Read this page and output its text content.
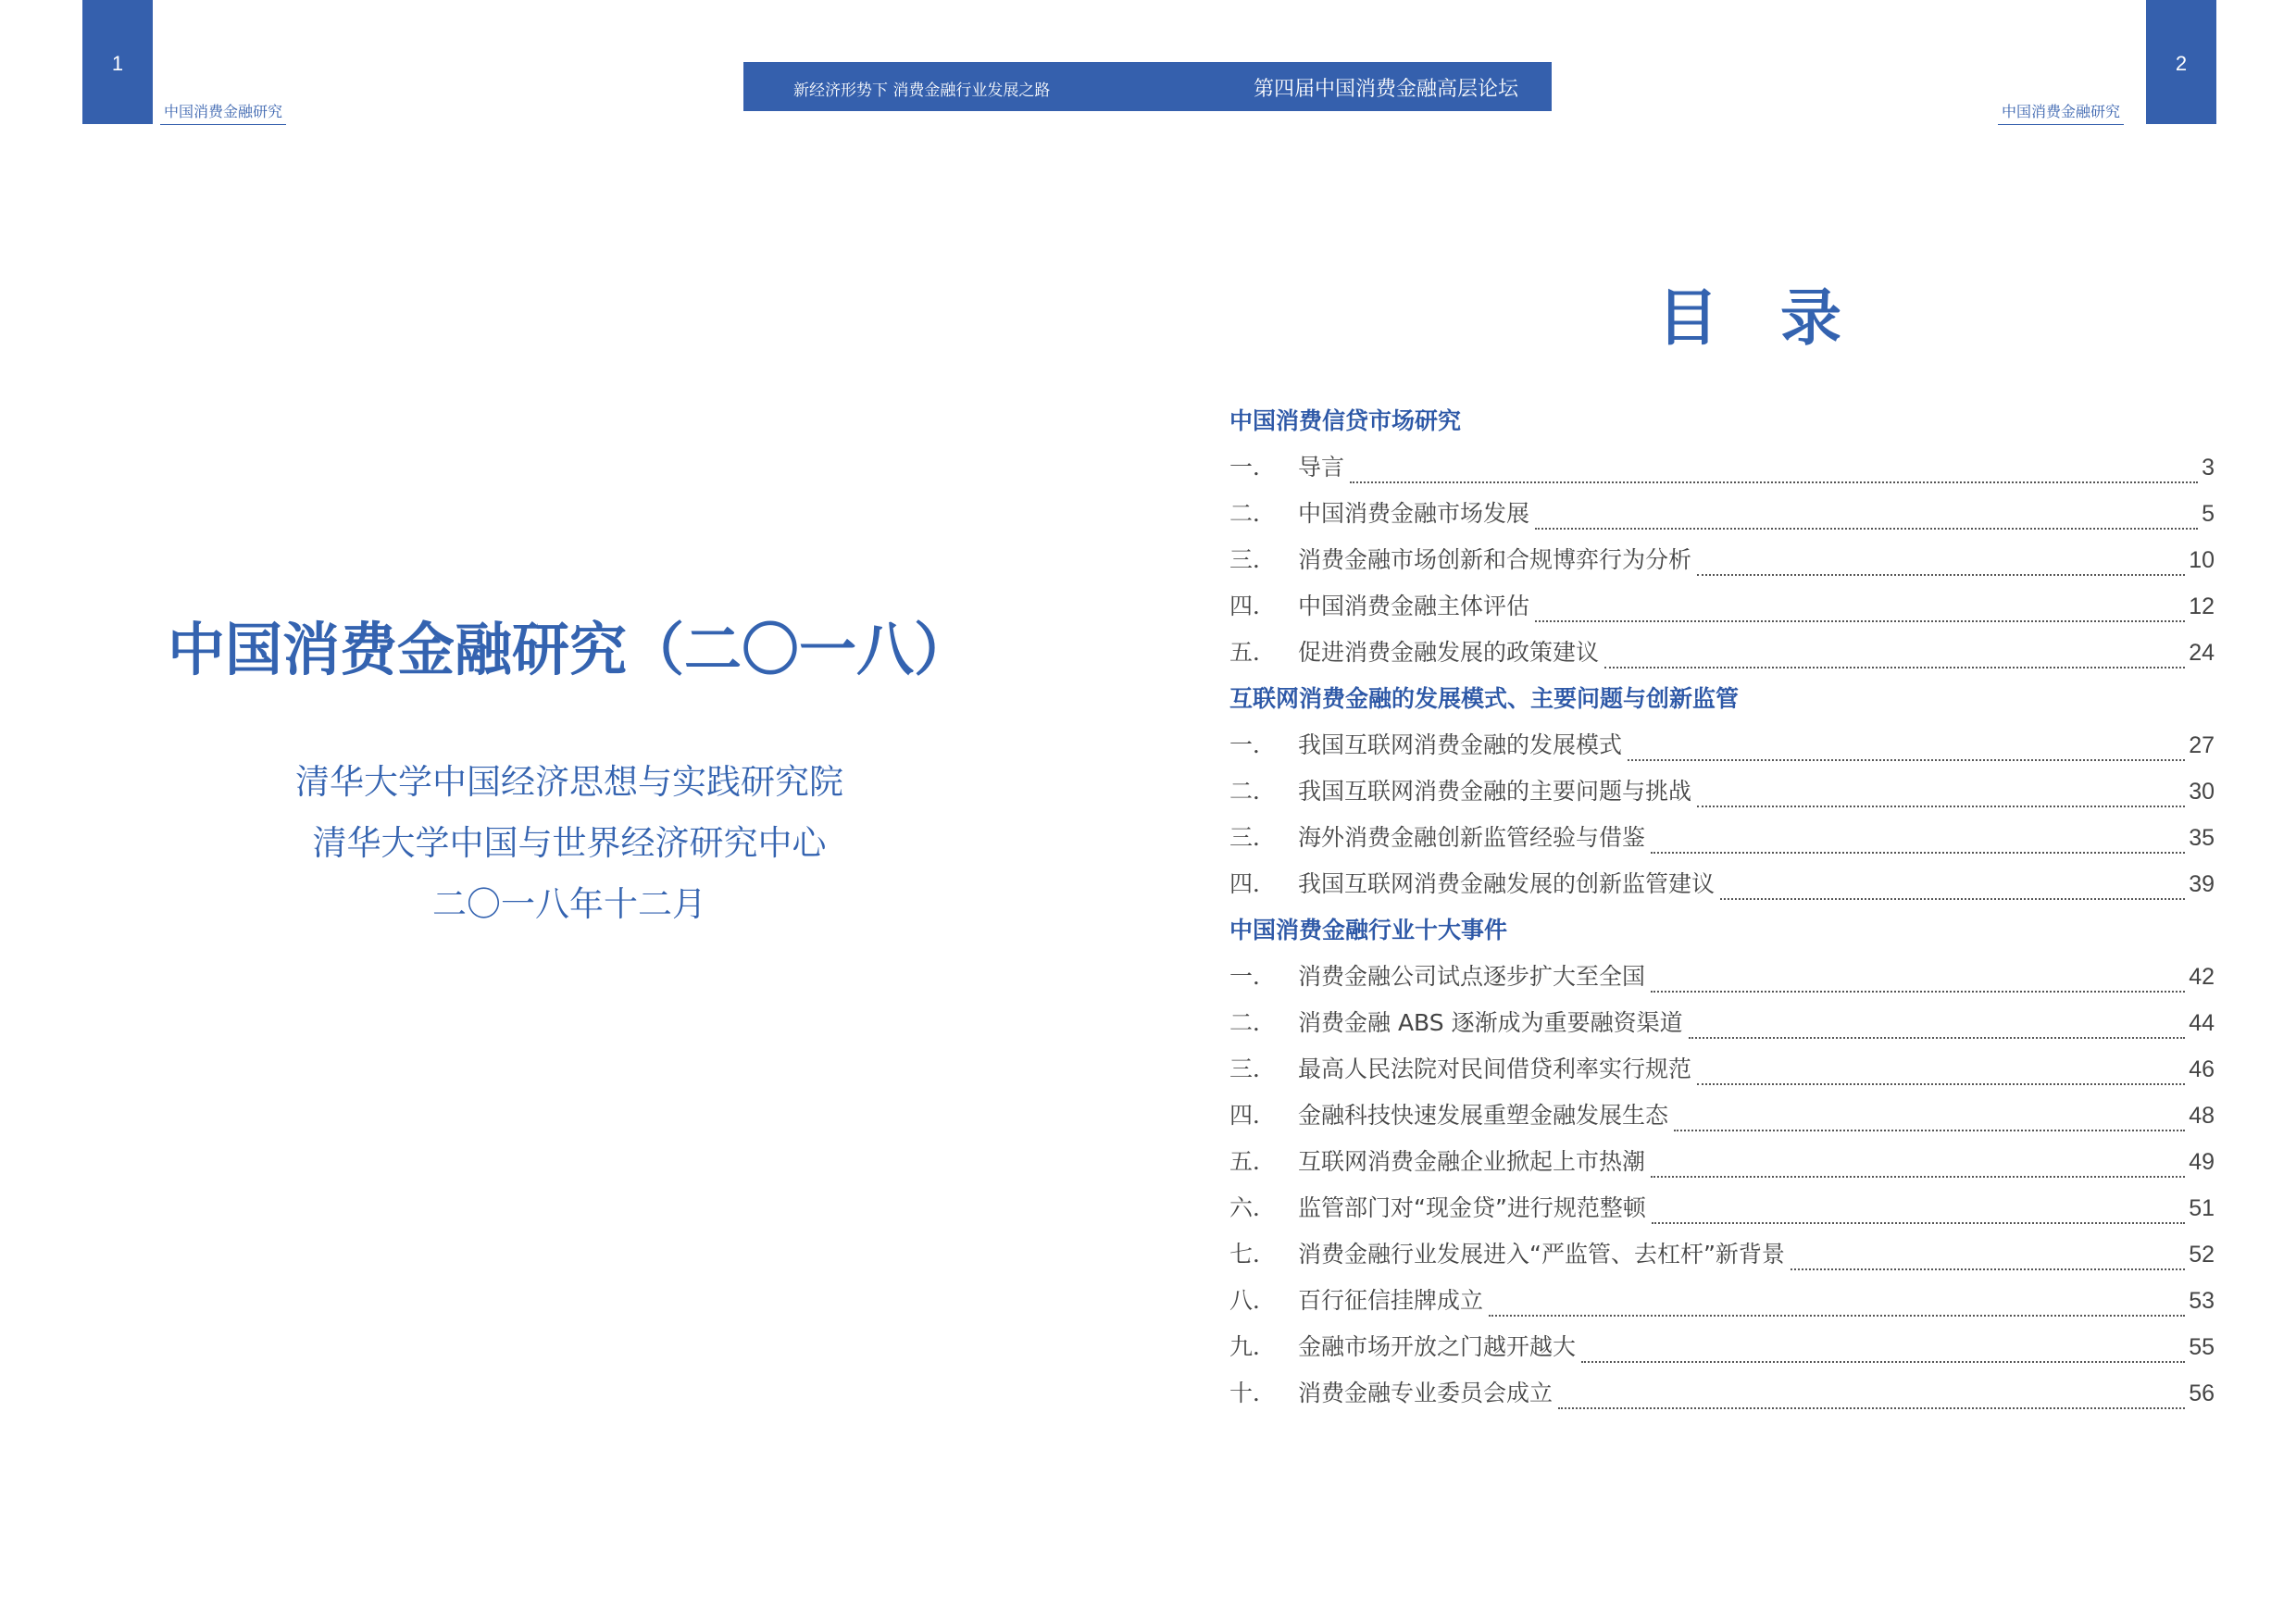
1
中国消费金融研究
新经济形势下 消费金融行业发展之路	第四届中国消费金融高层论坛
2
中国消费金融研究
中国消费金融研究（二〇一八）
清华大学中国经济思想与实践研究院
清华大学中国与世界经济研究中心
二〇一八年十二月
目 录
中国消费信贷市场研究
一． 导言	3
二． 中国消费金融市场发展	5
三． 消费金融市场创新和合规博弈行为分析	10
四． 中国消费金融主体评估	12
五． 促进消费金融发展的政策建议	24
互联网消费金融的发展模式、主要问题与创新监管
一． 我国互联网消费金融的发展模式	27
二． 我国互联网消费金融的主要问题与挑战	30
三． 海外消费金融创新监管经验与借鉴	35
四． 我国互联网消费金融发展的创新监管建议	39
中国消费金融行业十大事件
一． 消费金融公司试点逐步扩大至全国	42
二． 消费金融 ABS 逐渐成为重要融资渠道	44
三． 最高人民法院对民间借贷利率实行规范	46
四． 金融科技快速发展重塑金融发展生态	48
五． 互联网消费金融企业掀起上市热潮	49
六． 监管部门对“现金贷”进行规范整顿	51
七． 消费金融行业发展进入“严监管、去杠杆”新背景	52
八． 百行征信挂牌成立	53
九． 金融市场开放之门越开越大	55
十． 消费金融专业委员会成立	56
